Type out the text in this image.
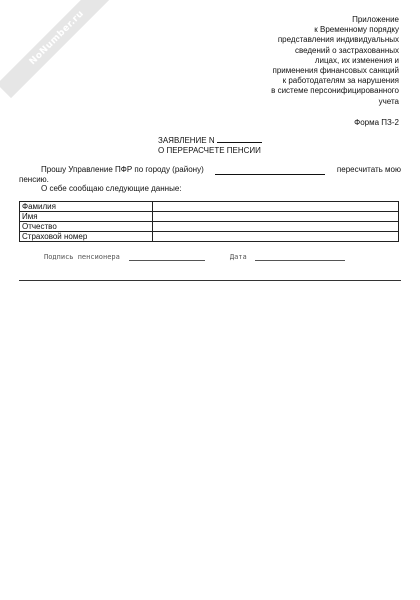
NoNumber.ru	Приложение
к Временному порядку
представления индивидуальных
сведений о застрахованных
лицах, их изменения и
применения финансовых санкций
к работодателям за нарушения
в системе персонифицированного
учета
Форма ПЗ-2
ЗАЯВЛЕНИЕ N
О ПЕРЕРАСЧЕТЕ ПЕНСИИ
Прошу Управление ПФР по городу (району)	пересчитать мою
пенсию.
О себе сообщаю следующие данные:
Фамилия	
Имя	
Отчество	
Страховой номер	
Подпись пенсионера	Дата
